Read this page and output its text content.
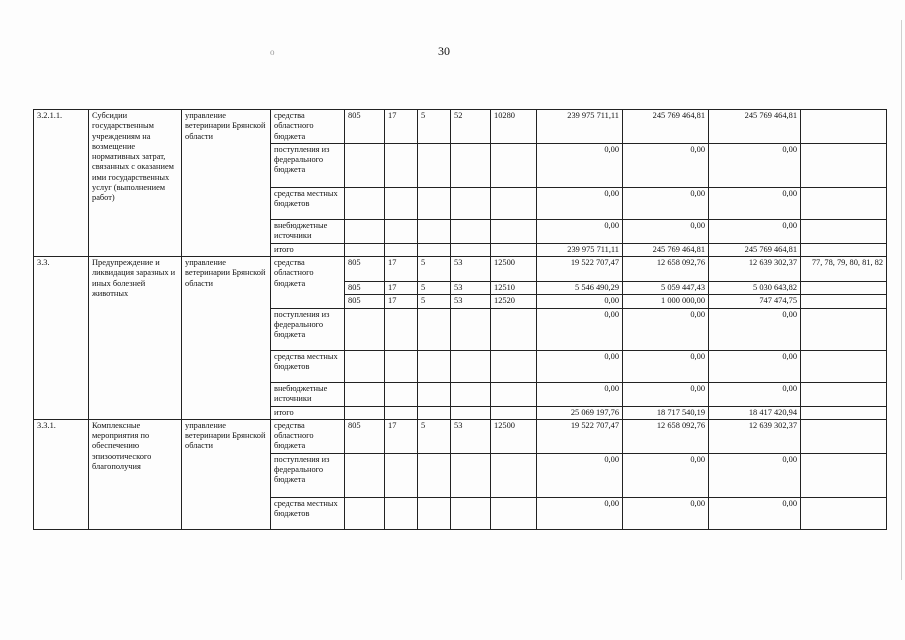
о	30
3.2.1.1.	Субсидии государственным учреждениям на возмещение нормативных затрат, связанных с оказанием ими государственных услуг (выполнением работ)	управление ветеринарии Брянской области	средства областного бюджета	805	17	5	52	10280	239 975 711,11	245 769 464,81	245 769 464,81	
			поступления из федерального бюджета						0,00	0,00	0,00	
			средства местных бюджетов						0,00	0,00	0,00	
			внебюджетные источники						0,00	0,00	0,00	
			итого						239 975 711,11	245 769 464,81	245 769 464,81	
3.3.	Предупреждение и ликвидация заразных и иных болезней животных	управление ветеринарии Брянской области	средства областного бюджета	805	17	5	53	12500	19 522 707,47	12 658 092,76	12 639 302,37	77, 78, 79, 80, 81, 82
				805	17	5	53	12510	5 546 490,29	5 059 447,43	5 030 643,82	
				805	17	5	53	12520	0,00	1 000 000,00	747 474,75	
			поступления из федерального бюджета						0,00	0,00	0,00	
			средства местных бюджетов						0,00	0,00	0,00	
			внебюджетные источники						0,00	0,00	0,00	
			итого						25 069 197,76	18 717 540,19	18 417 420,94	
3.3.1.	Комплексные мероприятия по обеспечению эпизоотического благополучия	управление ветеринарии Брянской области	средства областного бюджета	805	17	5	53	12500	19 522 707,47	12 658 092,76	12 639 302,37	
			поступления из федерального бюджета						0,00	0,00	0,00	
			средства местных бюджетов						0,00	0,00	0,00	
